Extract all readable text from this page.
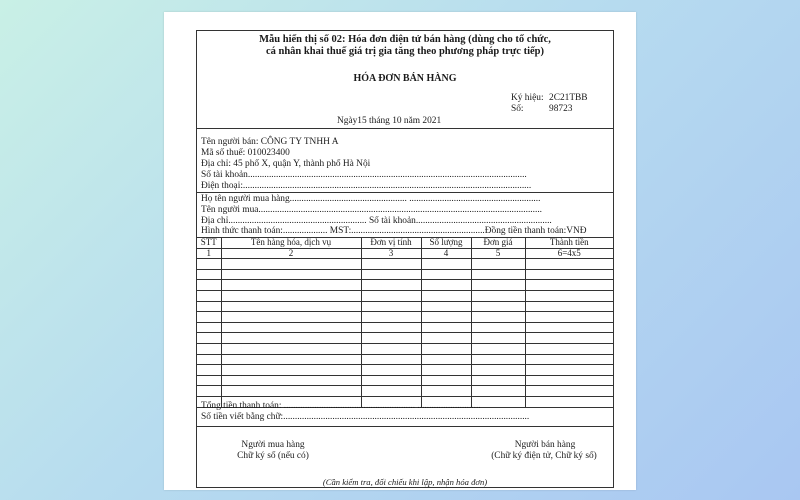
Mẫu hiển thị số 02: Hóa đơn điện tử bán hàng (dùng cho tổ chức,
cá nhân khai thuế giá trị gia tăng theo phương pháp trực tiếp)
HÓA ĐƠN BÁN HÀNG
Ký hiệu: 2C21TBB
Số:	98723
Ngày15 tháng 10 năm 2021
Tên người bán: CÔNG TY TNHH A
Mã số thuế: 010023400
Địa chỉ: 45 phố X, quận Y, thành phố Hà Nội
Số tài khoản.......................................................................................................................
Điện thoại:...........................................................................................................................
Họ tên người mua hàng.................................................. ........................................................
Tên người mua.........................................................................................................................
Địa chỉ........................................................... Số tài khoản..........................................................
Hình thức thanh toán:................... MST:.........................................................Đồng tiền thanh toán:VNĐ
STT	Tên hàng hóa, dịch vụ	Đơn vị tính	Số lượng	Đơn giá	Thành tiền
1	2	3	4	5	6=4x5

Tổng tiền thanh toán: ........................................................ ...........................
Số tiền viết bằng chữ:.........................................................................................................
Người mua hàng
Chữ ký số (nếu có)
Người bán hàng
(Chữ ký điện tử, Chữ ký số)
(Cần kiểm tra, đối chiếu khi lập, nhận hóa đơn)
